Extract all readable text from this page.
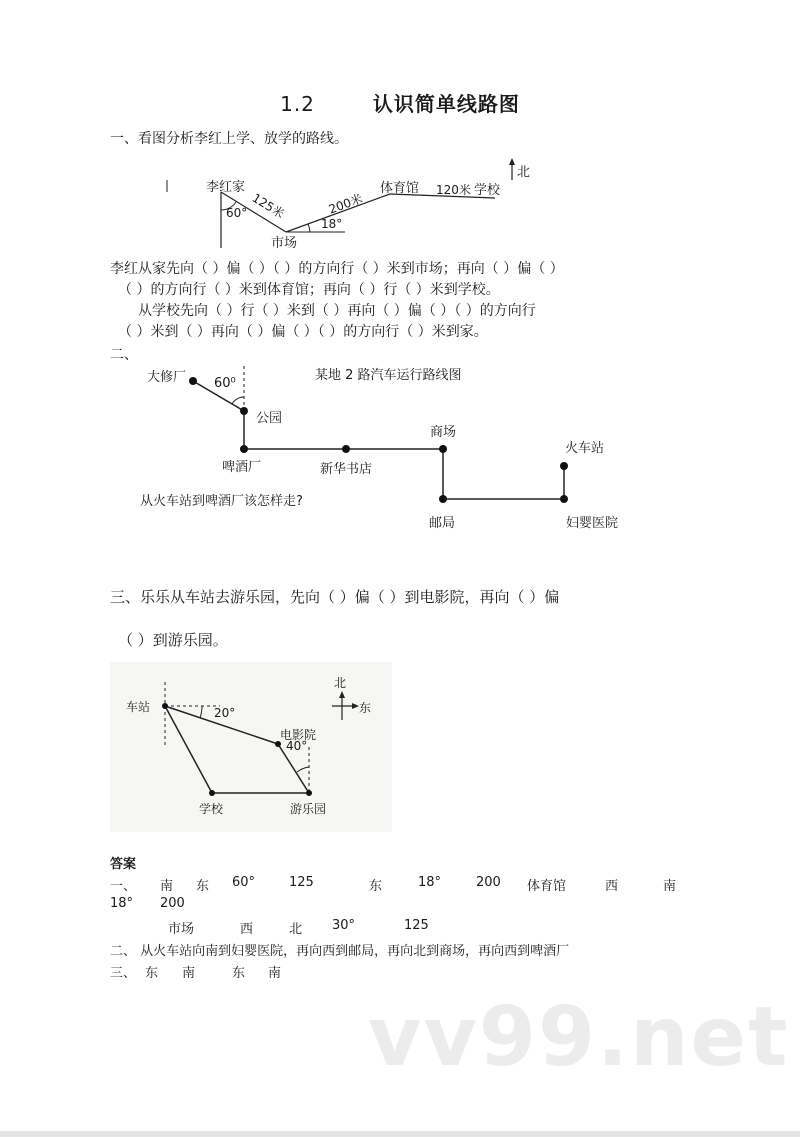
1.2	认识简单线路图
一、看图分析李红上学、放学的路线。
李红家
60° 125米
市场
18°
200米
体育馆 120米 学校
北
李红从家先向（ ）偏（ ）（ ）的方向行（ ）米到市场；再向（ ）偏（ ）
（ ）的方向行（ ）米到体育馆；再向（ ）行（ ）米到学校。
从学校先向（ ）行（ ）米到（ ）再向（ ）偏（ ）（ ）的方向行
（ ）米到（ ）再向（ ）偏（ ）（ ）的方向行（ ）米到家。
二、
某地 2 路汽车运行路线图
60⁰
大修厂
公园
啤酒厂	新华书店
商场
邮局	妇婴医院
火车站
从火车站到啤酒厂该怎样走?
三、乐乐从车站去游乐园，先向（ ）偏（ ）到电影院，再向（ ）偏
（ ）到游乐园。
车站	20°
电影院
40°
学校	游乐园
北
东
答案
一、 南 东 60°	125	东	18°	200 体育馆	西	南
18° 200
市场	西	北 30°	125
二、 从火车站向南到妇婴医院，再向西到邮局，再向北到商场，再向西到啤酒厂
三、 东 南	东 南
vv99.net
